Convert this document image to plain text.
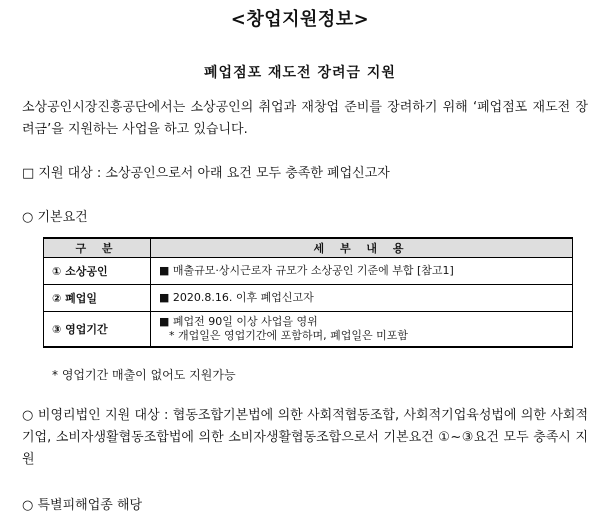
<창업지원정보>
폐업점포 재도전 장려금 지원
소상공인시장진흥공단에서는 소상공인의 취업과 재창업 준비를 장려하기 위해 ‘폐업점포 재도전 장려금’을 지원하는 사업을 하고 있습니다.
□ 지원 대상 : 소상공인으로서 아래 요건 모두 충족한 폐업신고자
○ 기본요건
구 분	세 부 내 용
① 소상공인	■ 매출규모·상시근로자 규모가 소상공인 기준에 부합 [참고1]
② 폐업일	■ 2020.8.16. 이후 폐업신고자
③ 영업기간	■ 폐업전 90일 이상 사업을 영위
* 개업일은 영업기간에 포함하며, 폐업일은 미포함
* 영업기간 매출이 없어도 지원가능
○ 비영리법인 지원 대상 : 협동조합기본법에 의한 사회적협동조합, 사회적기업육성법에 의한 사회적기업, 소비자생활협동조합법에 의한 소비자생활협동조합으로서 기본요건 ①~③요건 모두 충족시 지원
○ 특별피해업종 해당
